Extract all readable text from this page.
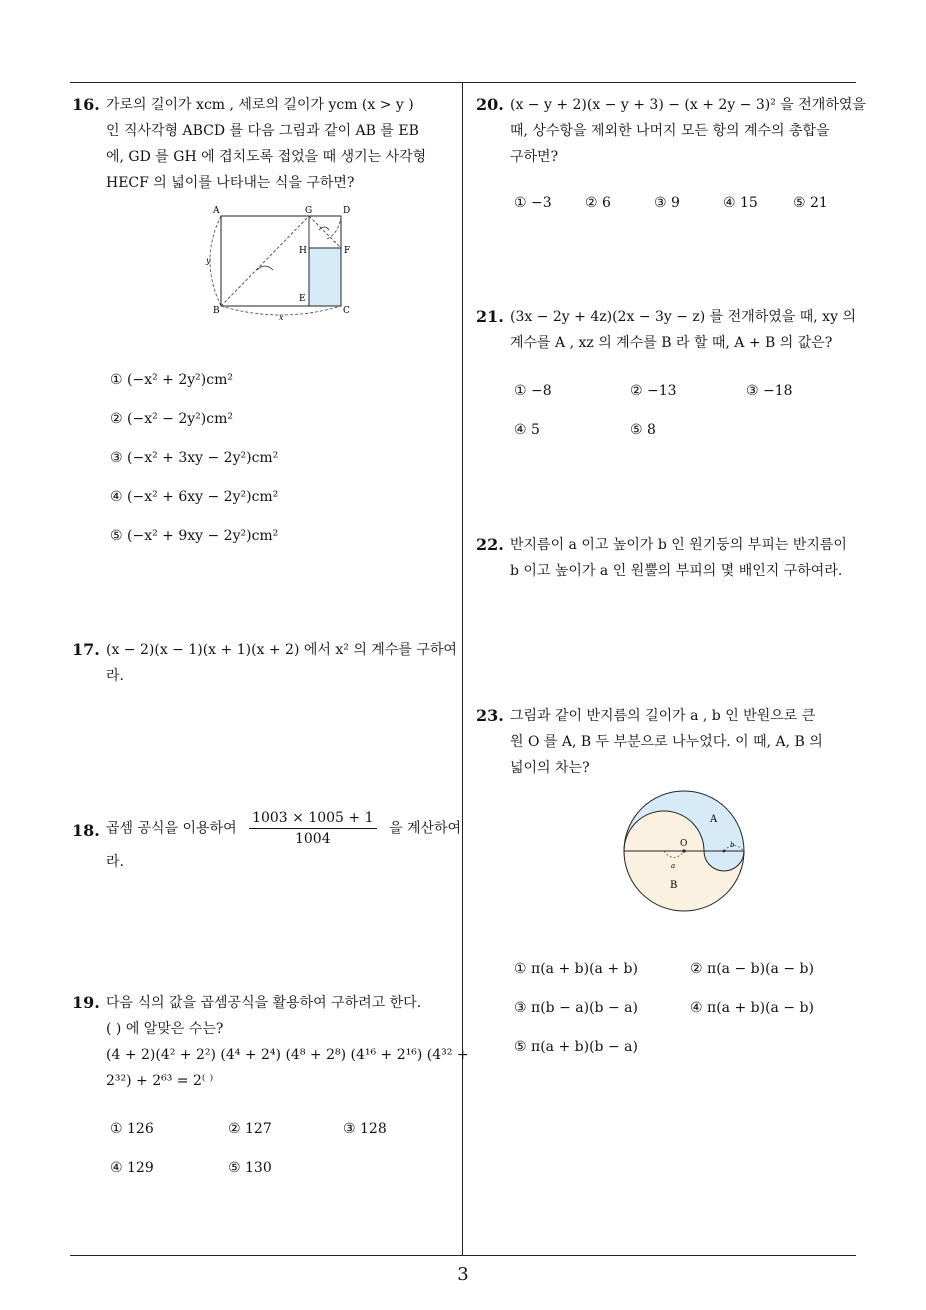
16. 가로의 길이가 xcm , 세로의 길이가 ycm (x > y )
인 직사각형 ABCD 를 다음 그림과 같이 AB 를 EB
에, GD 를 GH 에 겹치도록 접었을 때 생기는 사각형
HECF 의 넓이를 나타내는 식을 구하면?
A	G	D
H	F
E
B	C
x
y
① (−x² + 2y²)cm²
② (−x² − 2y²)cm²
③ (−x² + 3xy − 2y²)cm²
④ (−x² + 6xy − 2y²)cm²
⑤ (−x² + 9xy − 2y²)cm²
17. (x − 2)(x − 1)(x + 1)(x + 2) 에서 x² 의 계수를 구하여
라.
18. 곱셈 공식을 이용하여 $\frac{1003 \times 1005 + 1}{1004}$ 을 계산하여
라.
19. 다음 식의 값을 곱셈공식을 활용하여 구하려고 한다.
( ) 에 알맞은 수는?
(4 + 2)(4² + 2²) (4⁴ + 2⁴) (4⁸ + 2⁸) (4¹⁶ + 2¹⁶) (4³² +
2³²) + 2⁶³ = 2⁽ ⁾
① 126	② 127	③ 128
④ 129	⑤ 130
20. (x − y + 2)(x − y + 3) − (x + 2y − 3)² 을 전개하였을
때, 상수항을 제외한 나머지 모든 항의 계수의 총합을
구하면?
① −3 ② 6	③ 9	④ 15	⑤ 21
21. (3x − 2y + 4z)(2x − 3y − z) 를 전개하였을 때, xy 의
계수를 A , xz 의 계수를 B 라 할 때, A + B 의 값은?
① −8	② −13	③ −18
④ 5	⑤ 8
22. 반지름이 a 이고 높이가 b 인 원기둥의 부피는 반지름이
b 이고 높이가 a 인 원뿔의 부피의 몇 배인지 구하여라.
23. 그림과 같이 반지름의 길이가 a , b 인 반원으로 큰
원 O 를 A, B 두 부분으로 나누었다. 이 때, A, B 의
넓이의 차는?
A
B
O
a
b
① π(a + b)(a + b)	② π(a − b)(a − b)
③ π(b − a)(b − a)	④ π(a + b)(a − b)
⑤ π(a + b)(b − a)
3
